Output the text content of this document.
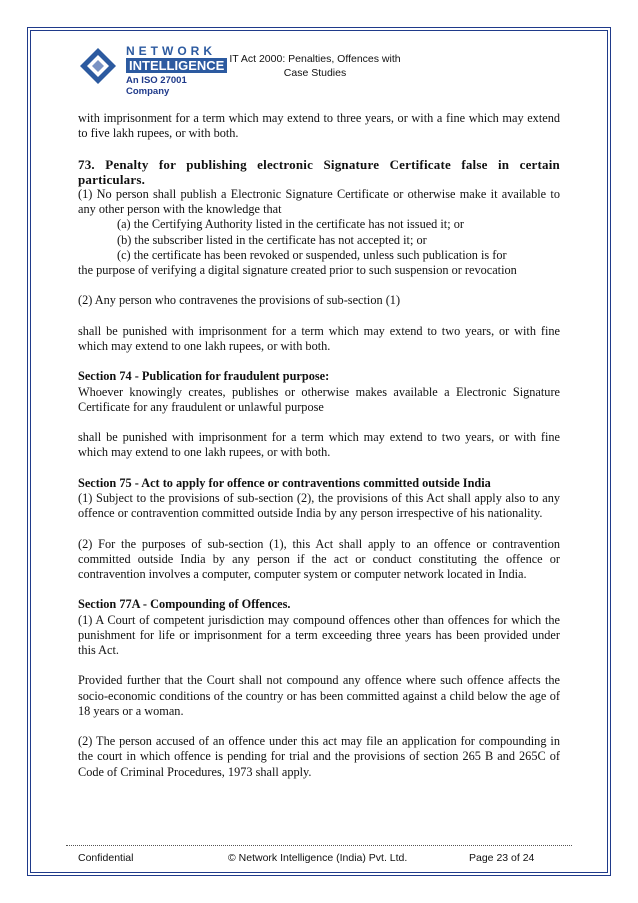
NETWORK
INTELLIGENCE
An ISO 27001 Company
IT Act 2000: Penalties, Offences with
Case Studies

with imprisonment for a term which may extend to three years, or with a fine which may extend to five lakh rupees, or with both.

73. Penalty for publishing electronic Signature Certificate false in certain particulars.

(1) No person shall publish a Electronic Signature Certificate or otherwise make it available to any other person with the knowledge that

(a) the Certifying Authority listed in the certificate has not issued it; or

(b) the subscriber listed in the certificate has not accepted it; or

(c) the certificate has been revoked or suspended, unless such publication is for

the purpose of verifying a digital signature created prior to such suspension or revocation

(2) Any person who contravenes the provisions of sub-section (1)

shall be punished with imprisonment for a term which may extend to two years, or with fine which may extend to one lakh rupees, or with both.

Section 74 - Publication for fraudulent purpose:

Whoever knowingly creates, publishes or otherwise makes available a Electronic Signature Certificate for any fraudulent or unlawful purpose

shall be punished with imprisonment for a term which may extend to two years, or with fine which may extend to one lakh rupees, or with both.

Section 75 - Act to apply for offence or contraventions committed outside India

(1) Subject to the provisions of sub-section (2), the provisions of this Act shall apply also to any offence or contravention committed outside India by any person irrespective of his nationality.

(2) For the purposes of sub-section (1), this Act shall apply to an offence or contravention committed outside India by any person if the act or conduct constituting the offence or contravention involves a computer, computer system or computer network located in India.

Section 77A - Compounding of Offences.

(1) A Court of competent jurisdiction may compound offences other than offences for which the punishment for life or imprisonment for a term exceeding three years has been provided under this Act.

Provided further that the Court shall not compound any offence where such offence affects the socio-economic conditions of the country or has been committed against a child below the age of 18 years or a woman.

(2) The person accused of an offence under this act may file an application for compounding in the court in which offence is pending for trial and the provisions of section 265 B and 265C of Code of Criminal Procedures, 1973 shall apply.

Confidential	© Network Intelligence (India) Pvt. Ltd.	Page 23 of 24
